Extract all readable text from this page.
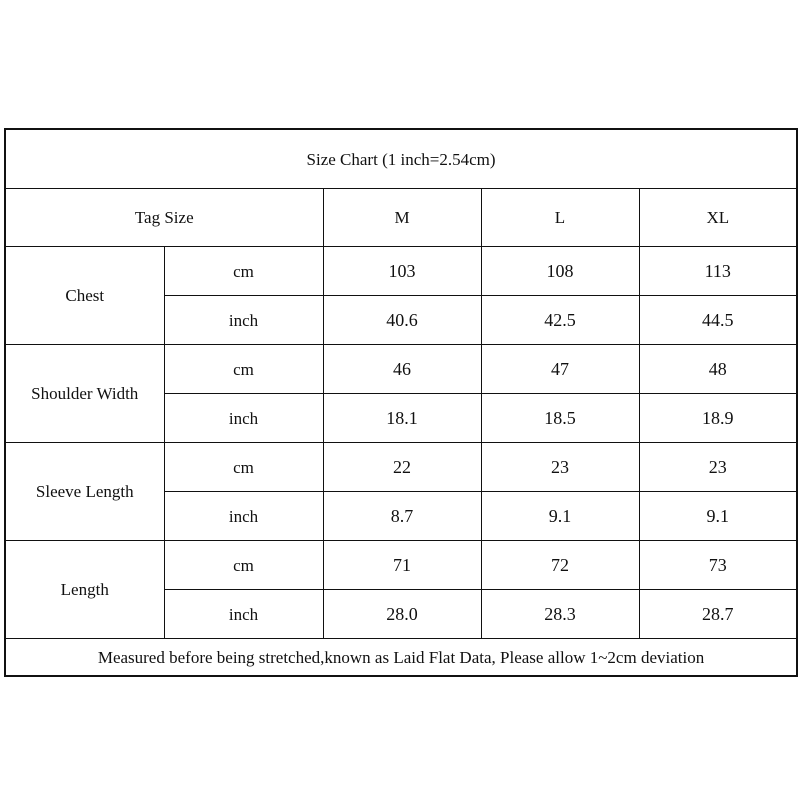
Size Chart (1 inch=2.54cm)				
Tag Size		M	L	XL
Chest	cm	103	108	113
	inch	40.6	42.5	44.5
Shoulder Width	cm	46	47	48
	inch	18.1	18.5	18.9
Sleeve Length	cm	22	23	23
	inch	8.7	9.1	9.1
Length	cm	71	72	73
	inch	28.0	28.3	28.7
Measured before being stretched,known as Laid Flat Data, Please allow 1~2cm deviation				
